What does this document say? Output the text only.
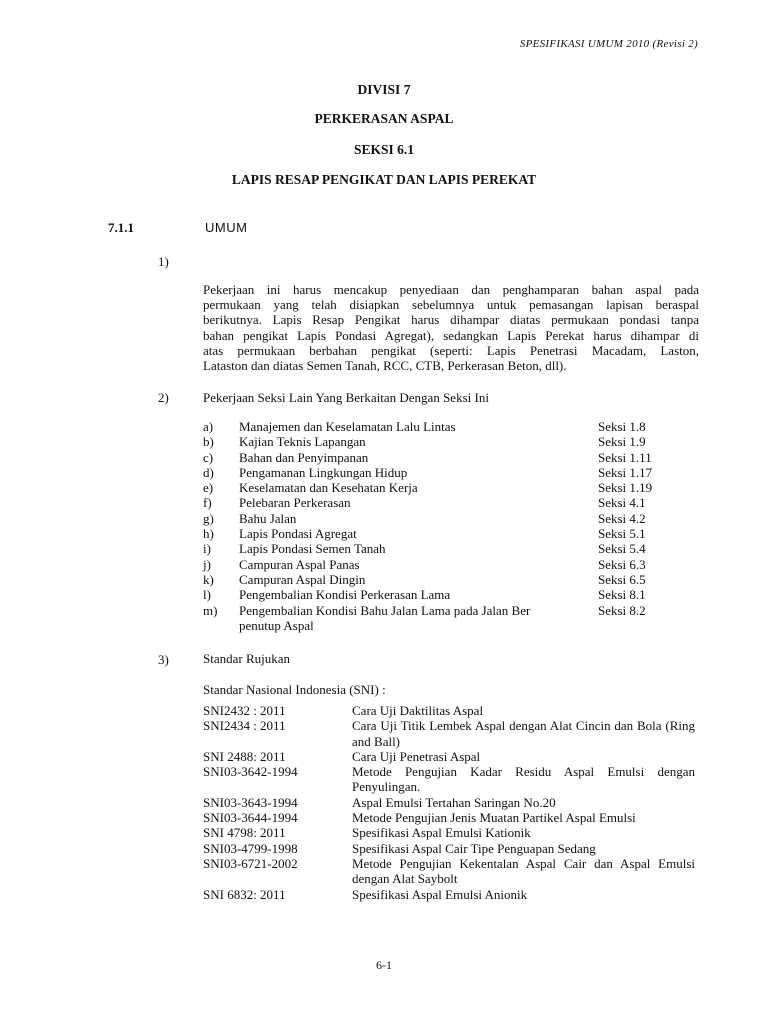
SPESIFIKASI UMUM 2010 (Revisi 2)
DIVISI 7
PERKERASAN ASPAL
SEKSI 6.1
LAPIS RESAP PENGIKAT DAN LAPIS PEREKAT
7.1.1	UMUM
1)
Pekerjaan ini harus mencakup penyediaan dan penghamparan bahan aspal pada
permukaan yang telah disiapkan sebelumnya untuk pemasangan lapisan beraspal
berikutnya. Lapis Resap Pengikat harus dihampar diatas permukaan pondasi tanpa
bahan pengikat Lapis Pondasi Agregat), sedangkan Lapis Perekat harus dihampar di
atas permukaan berbahan pengikat (seperti: Lapis Penetrasi Macadam, Laston,
Lataston dan diatas Semen Tanah, RCC, CTB, Perkerasan Beton, dll).
2)	Pekerjaan Seksi Lain Yang Berkaitan Dengan Seksi Ini
a) Manajemen dan Keselamatan Lalu Lintas	Seksi 1.8
b) Kajian Teknis Lapangan	Seksi 1.9
c) Bahan dan Penyimpanan	Seksi 1.11
d) Pengamanan Lingkungan Hidup	Seksi 1.17
e) Keselamatan dan Kesehatan Kerja	Seksi 1.19
f) Pelebaran Perkerasan	Seksi 4.1
g) Bahu Jalan	Seksi 4.2
h) Lapis Pondasi Agregat	Seksi 5.1
i) Lapis Pondasi Semen Tanah	Seksi 5.4
j) Campuran Aspal Panas	Seksi 6.3
k) Campuran Aspal Dingin	Seksi 6.5
l) Pengembalian Kondisi Perkerasan Lama	Seksi 8.1
m) Pengembalian Kondisi Bahu Jalan Lama pada Jalan Ber penutup Aspal
Seksi 8.2
3)	Standar Rujukan
Standar Nasional Indonesia (SNI) :
SNI2432 : 2011	Cara Uji Daktilitas Aspal
SNI2434 : 2011	Cara Uji Titik Lembek Aspal dengan Alat Cincin dan Bola (Ring and Ball)
SNI 2488: 2011	Cara Uji Penetrasi Aspal
SNI03-3642-1994	Metode Pengujian Kadar Residu Aspal Emulsi dengan Penyulingan.
SNI03-3643-1994	Aspal Emulsi Tertahan Saringan No.20
SNI03-3644-1994	Metode Pengujian Jenis Muatan Partikel Aspal Emulsi
SNI 4798: 2011	Spesifikasi Aspal Emulsi Kationik
SNI03-4799-1998	Spesifikasi Aspal Cair Tipe Penguapan Sedang
SNI03-6721-2002	Metode Pengujian Kekentalan Aspal Cair dan Aspal Emulsi dengan Alat Saybolt
SNI 6832: 2011	Spesifikasi Aspal Emulsi Anionik
6-1
